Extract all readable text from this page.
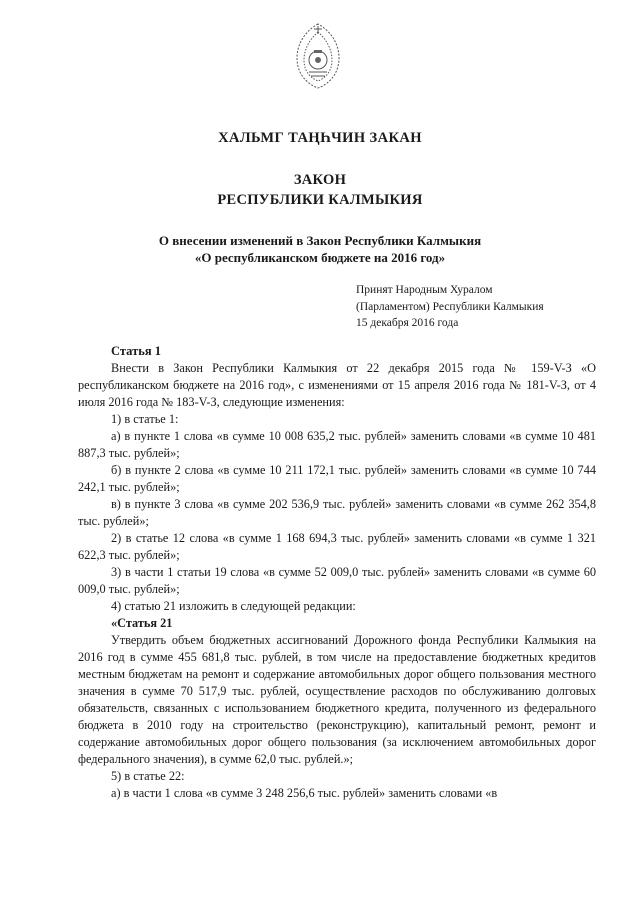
ХАЛЬМГ ТАҢҺЧИН ЗАКАН
ЗАКОН
РЕСПУБЛИКИ КАЛМЫКИЯ
О внесении изменений в Закон Республики Калмыкия
«О республиканском бюджете на 2016 год»
Принят Народным Хуралом
(Парламентом) Республики Калмыкия
15 декабря 2016 года
Статья 1

Внести в Закон Республики Калмыкия от 22 декабря 2015 года № 159-V-З «О республиканском бюджете на 2016 год», с изменениями от 15 апреля 2016 года № 181-V-З, от 4 июля 2016 года № 183-V-З, следующие изменения:

1) в статье 1:

а) в пункте 1 слова «в сумме 10 008 635,2 тыс. рублей» заменить словами «в сумме 10 481 887,3 тыс. рублей»;

б) в пункте 2 слова «в сумме 10 211 172,1 тыс. рублей» заменить словами «в сумме 10 744 242,1 тыс. рублей»;

в) в пункте 3 слова «в сумме 202 536,9 тыс. рублей» заменить словами «в сумме 262 354,8 тыс. рублей»;

2) в статье 12 слова «в сумме 1 168 694,3 тыс. рублей» заменить словами «в сумме 1 321 622,3 тыс. рублей»;

3) в части 1 статьи 19 слова «в сумме 52 009,0 тыс. рублей» заменить словами «в сумме 60 009,0 тыс. рублей»;

4) статью 21 изложить в следующей редакции:

«Статья 21

Утвердить объем бюджетных ассигнований Дорожного фонда Республики Калмыкия на 2016 год в сумме 455 681,8 тыс. рублей, в том числе на предоставление бюджетных кредитов местным бюджетам на ремонт и содержание автомобильных дорог общего пользования местного значения в сумме 70 517,9 тыс. рублей, осуществление расходов по обслуживанию долговых обязательств, связанных с использованием бюджетного кредита, полученного из федерального бюджета в 2010 году на строительство (реконструкцию), капитальный ремонт, ремонт и содержание автомобильных дорог общего пользования (за исключением автомобильных дорог федерального значения), в сумме 62,0 тыс. рублей.»;

5) в статье 22:

а) в части 1 слова «в сумме 3 248 256,6 тыс. рублей» заменить словами «в
